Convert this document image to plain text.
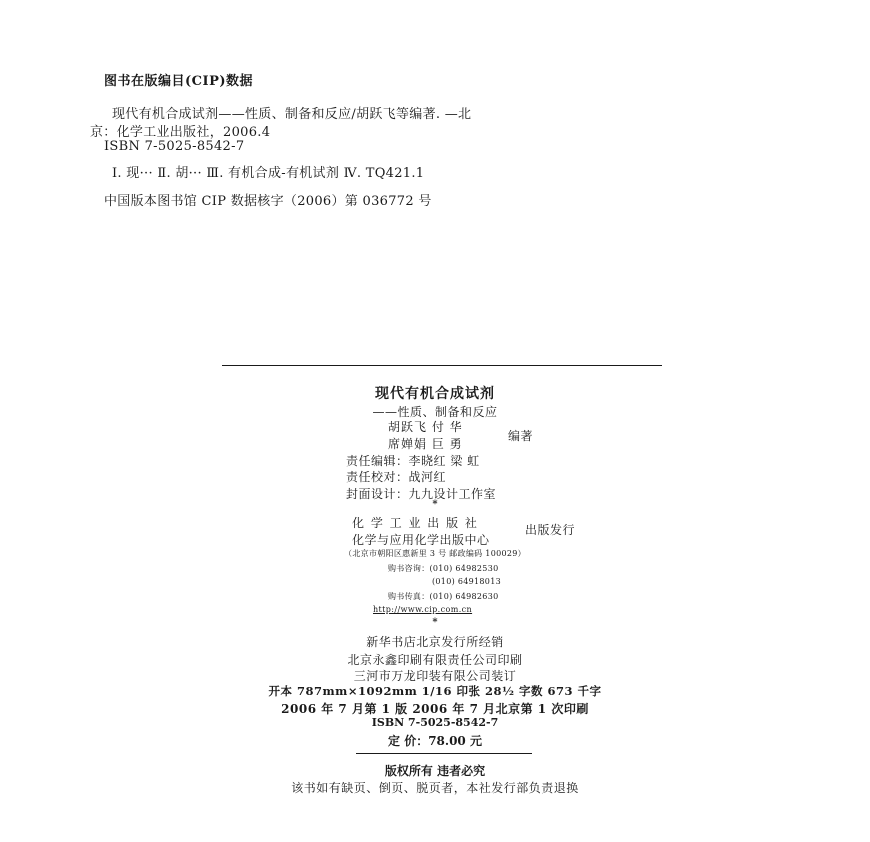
图书在版编目(CIP)数据
现代有机合成试剂——性质、制备和反应/胡跃飞等编著. —北
京：化学工业出版社，2006.4
ISBN 7-5025-8542-7
Ⅰ. 现··· Ⅱ. 胡··· Ⅲ. 有机合成-有机试剂 Ⅳ. TQ421.1
中国版本图书馆 CIP 数据核字（2006）第 036772 号
现代有机合成试剂
——性质、制备和反应
胡跃飞 付 华
席婵娟 巨 勇
编著
责任编辑：李晓红 梁 虹
责任校对：战河红
封面设计：九九设计工作室
*
化 学 工 业 出 版 社
化学与应用化学出版中心
出版发行
（北京市朝阳区惠新里 3 号 邮政编码 100029）
购书咨询：(010) 64982530
(010) 64918013
购书传真：(010) 64982630
http://www.cip.com.cn
*
新华书店北京发行所经销
北京永鑫印刷有限责任公司印刷
三河市万龙印装有限公司装订
开本 787mm×1092mm 1/16 印张 28½ 字数 673 千字
2006 年 7 月第 1 版 2006 年 7 月北京第 1 次印刷
ISBN 7-5025-8542-7
定 价：78.00 元
版权所有 违者必究
该书如有缺页、倒页、脱页者，本社发行部负责退换
